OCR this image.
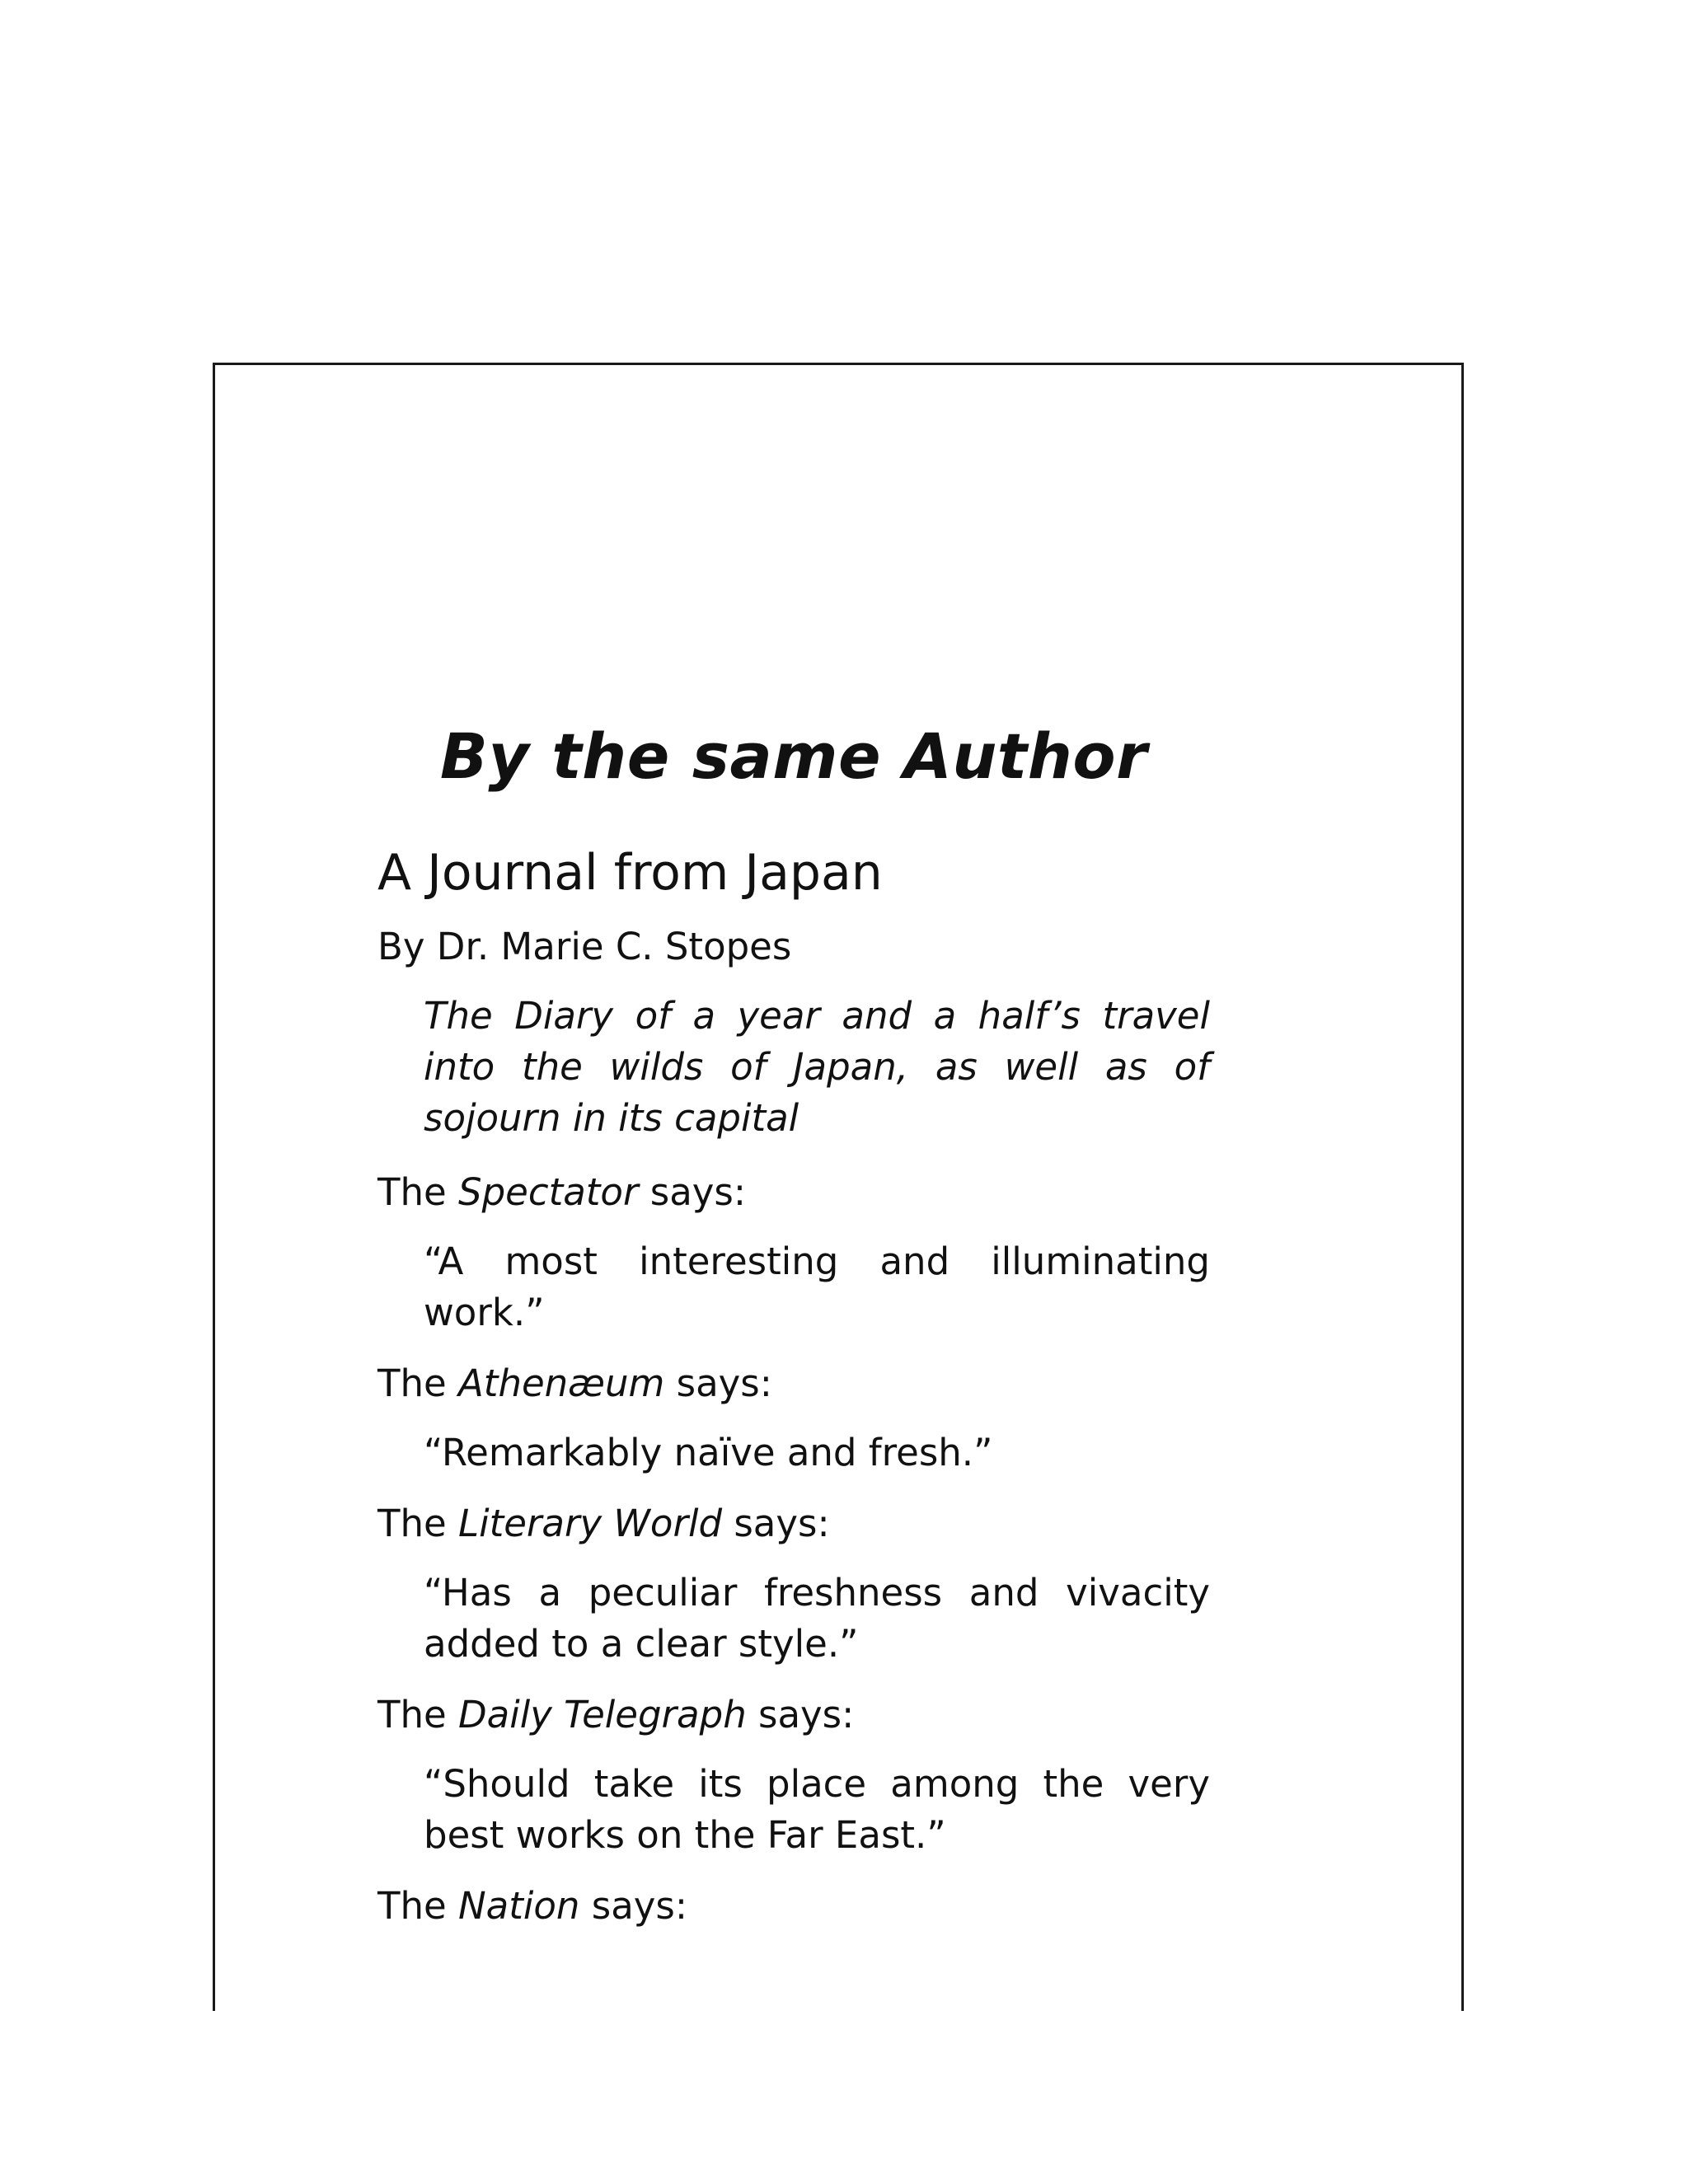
By the same Author
A Journal from Japan
By Dr. Marie C. Stopes
The Diary of a year and a half’s travel into the wilds of Japan, as well as of sojourn in its capital
The Spectator says:
“A most interesting and illuminating work.”
The Athenæum says:
“Remarkably naïve and fresh.”
The Literary World says:
“Has a peculiar freshness and vivacity added to a clear style.”
The Daily Telegraph says:
“Should take its place among the very best works on the Far East.”
The Nation says:
